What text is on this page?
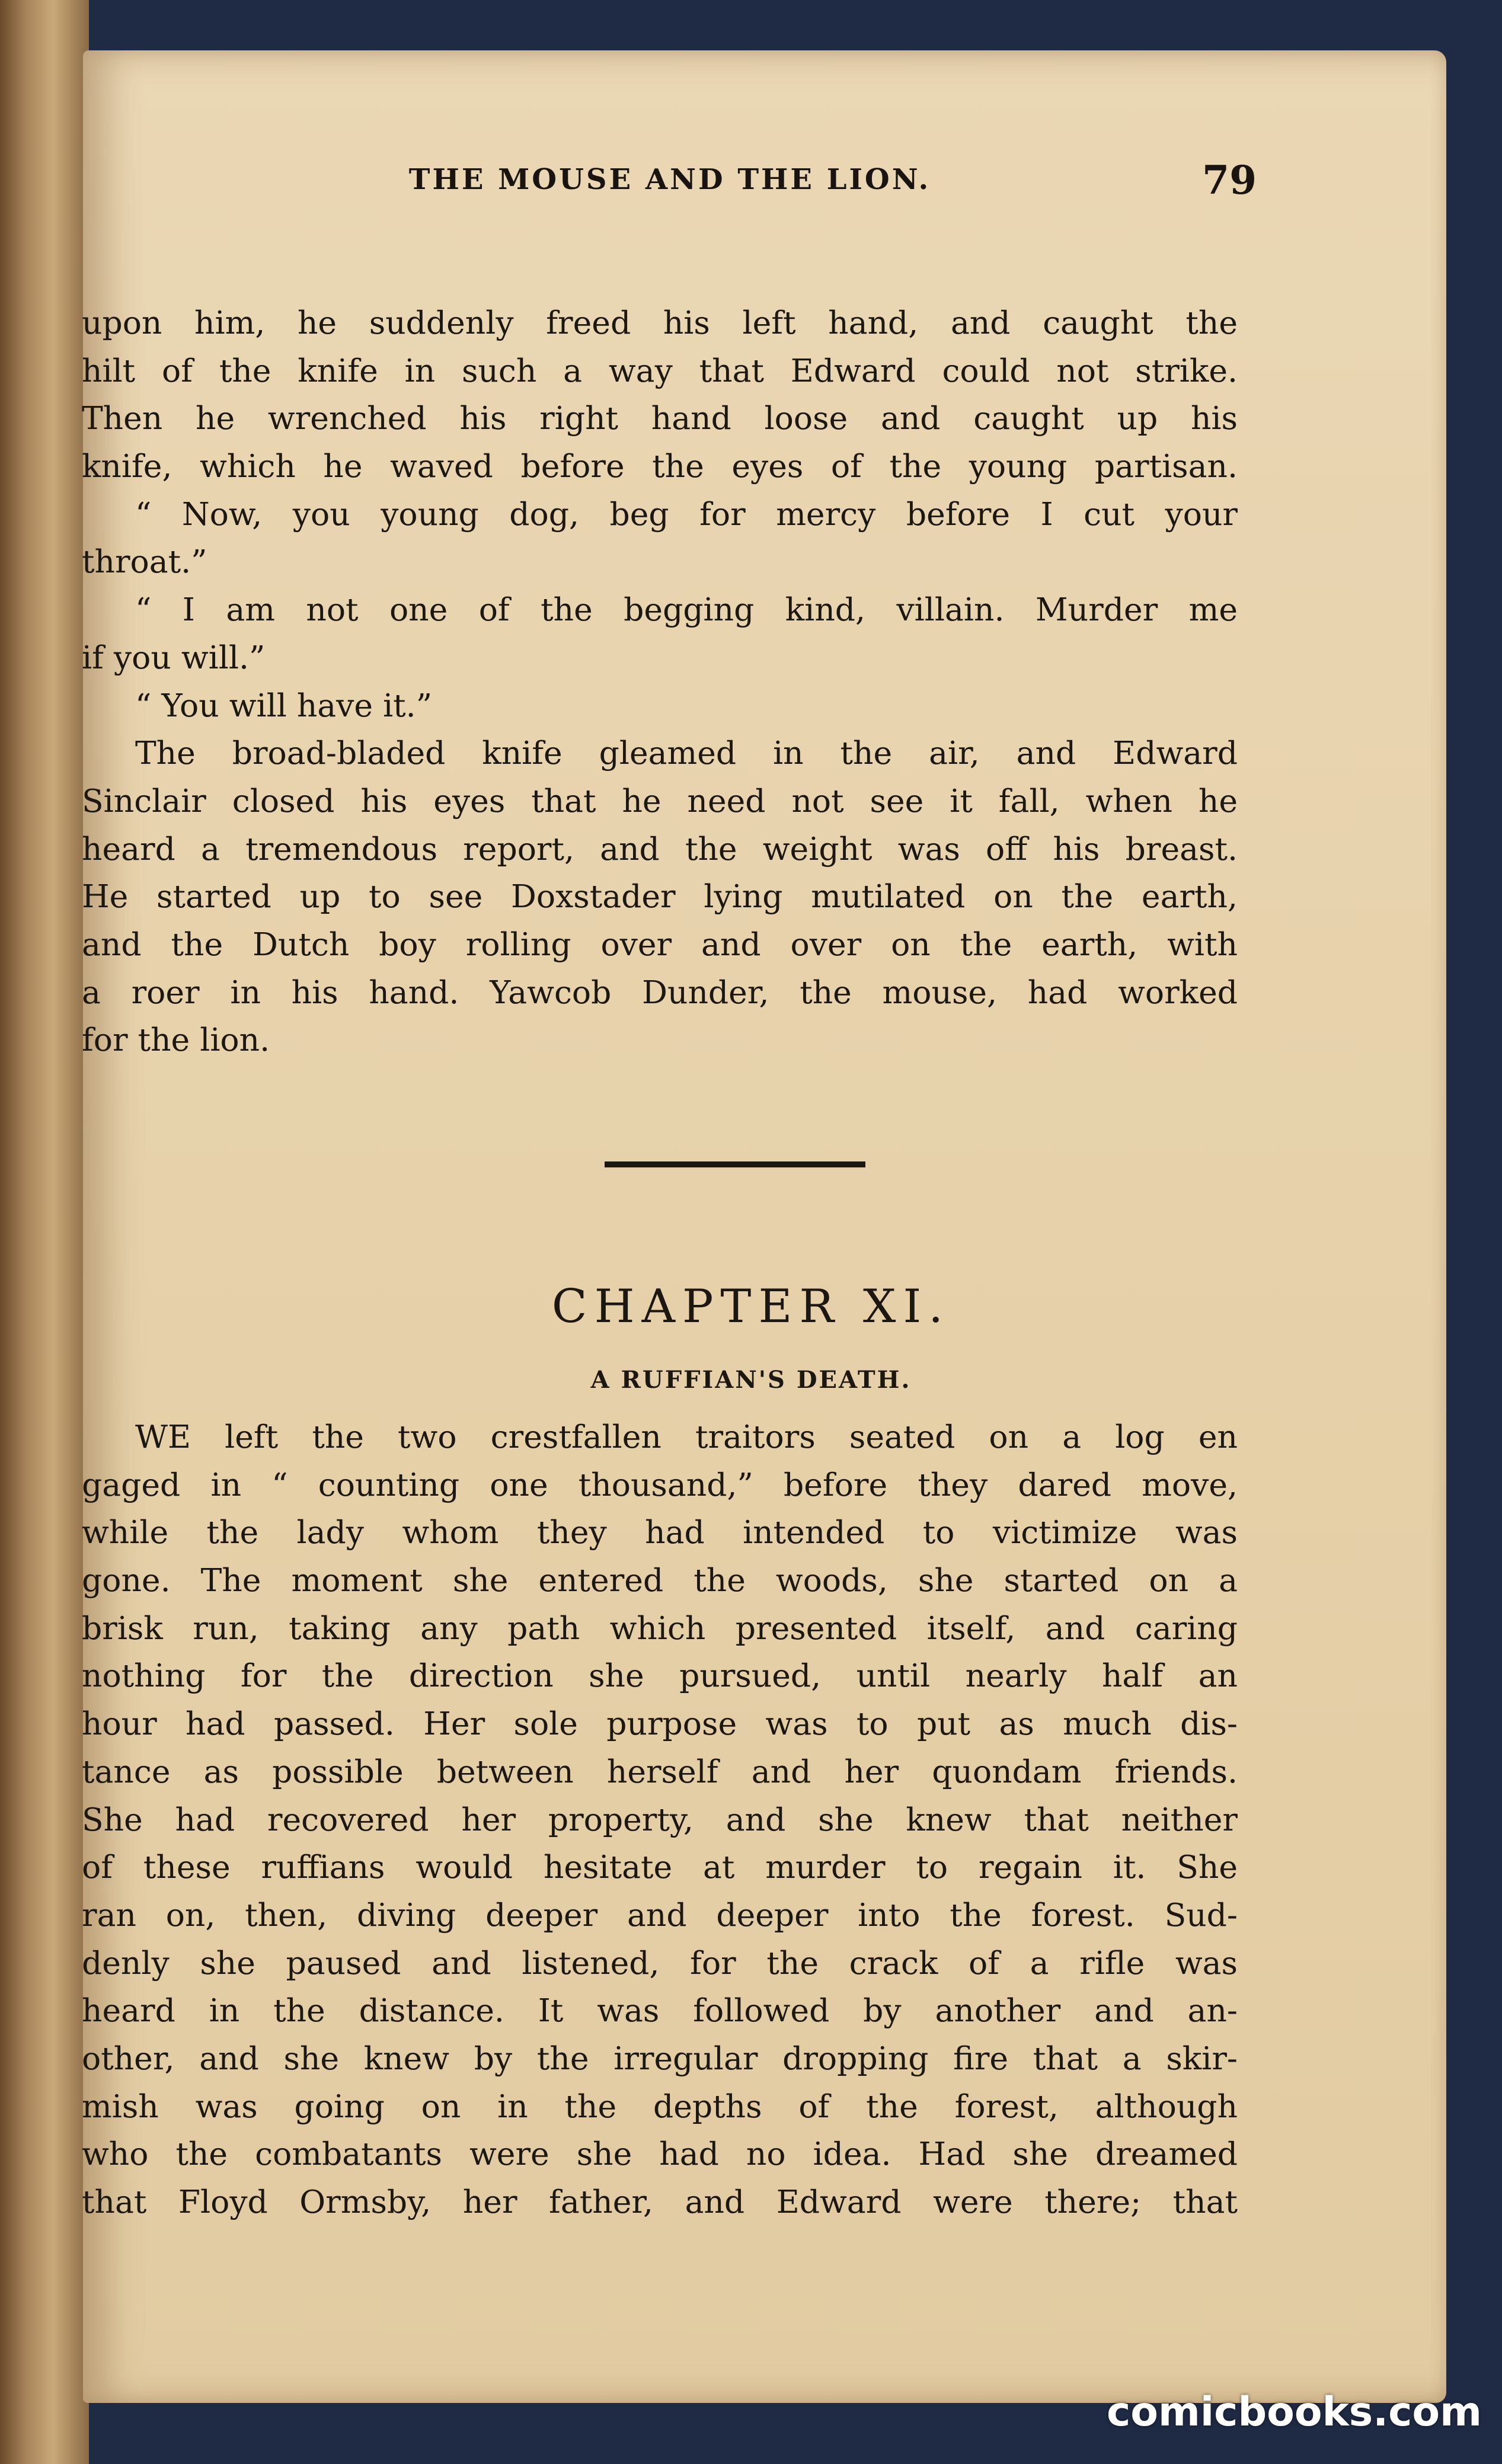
THE MOUSE AND THE LION.	79
upon him, he suddenly freed his left hand, and caught the
hilt of the knife in such a way that Edward could not strike.
Then he wrenched his right hand loose and caught up his
knife, which he waved before the eyes of the young partisan.
“ Now, you young dog, beg for mercy before I cut your
throat.”
“ I am not one of the begging kind, villain. Murder me
if you will.”
“ You will have it.”
The broad-bladed knife gleamed in the air, and Edward
Sinclair closed his eyes that he need not see it fall, when he
heard a tremendous report, and the weight was off his breast.
He started up to see Doxstader lying mutilated on the earth,
and the Dutch boy rolling over and over on the earth, with
a roer in his hand. Yawcob Dunder, the mouse, had worked
for the lion.
CHAPTER XI.
A RUFFIAN'S DEATH.
WE left the two crestfallen traitors seated on a log en
gaged in “ counting one thousand,” before they dared move,
while the lady whom they had intended to victimize was
gone. The moment she entered the woods, she started on a
brisk run, taking any path which presented itself, and caring
nothing for the direction she pursued, until nearly half an
hour had passed. Her sole purpose was to put as much dis-
tance as possible between herself and her quondam friends.
She had recovered her property, and she knew that neither
of these ruffians would hesitate at murder to regain it. She
ran on, then, diving deeper and deeper into the forest. Sud-
denly she paused and listened, for the crack of a rifle was
heard in the distance. It was followed by another and an-
other, and she knew by the irregular dropping fire that a skir-
mish was going on in the depths of the forest, although
who the combatants were she had no idea. Had she dreamed
that Floyd Ormsby, her father, and Edward were there; that
comicbooks.com
